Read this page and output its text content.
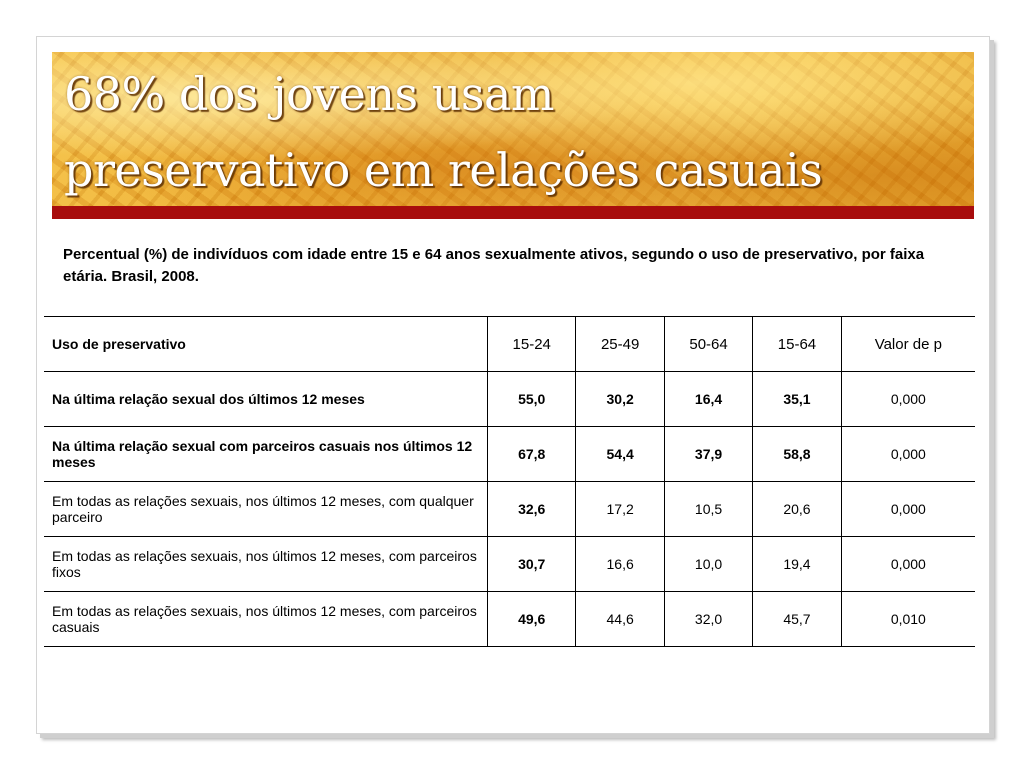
68% dos jovens usam
preservativo em relações casuais

Percentual (%) de indivíduos com idade entre 15 e 64 anos sexualmente ativos, segundo o uso de preservativo, por faixa etária. Brasil, 2008.

Uso de preservativo	15-24	25-49	50-64	15-64	Valor de p
Na última relação sexual dos últimos 12 meses	55,0	30,2	16,4	35,1	0,000
Na última relação sexual com parceiros casuais nos últimos 12 meses	67,8	54,4	37,9	58,8	0,000
Em todas as relações sexuais, nos últimos 12 meses, com qualquer parceiro	32,6	17,2	10,5	20,6	0,000
Em todas as relações sexuais, nos últimos 12 meses, com parceiros fixos	30,7	16,6	10,0	19,4	0,000
Em todas as relações sexuais, nos últimos 12 meses, com parceiros casuais	49,6	44,6	32,0	45,7	0,010
